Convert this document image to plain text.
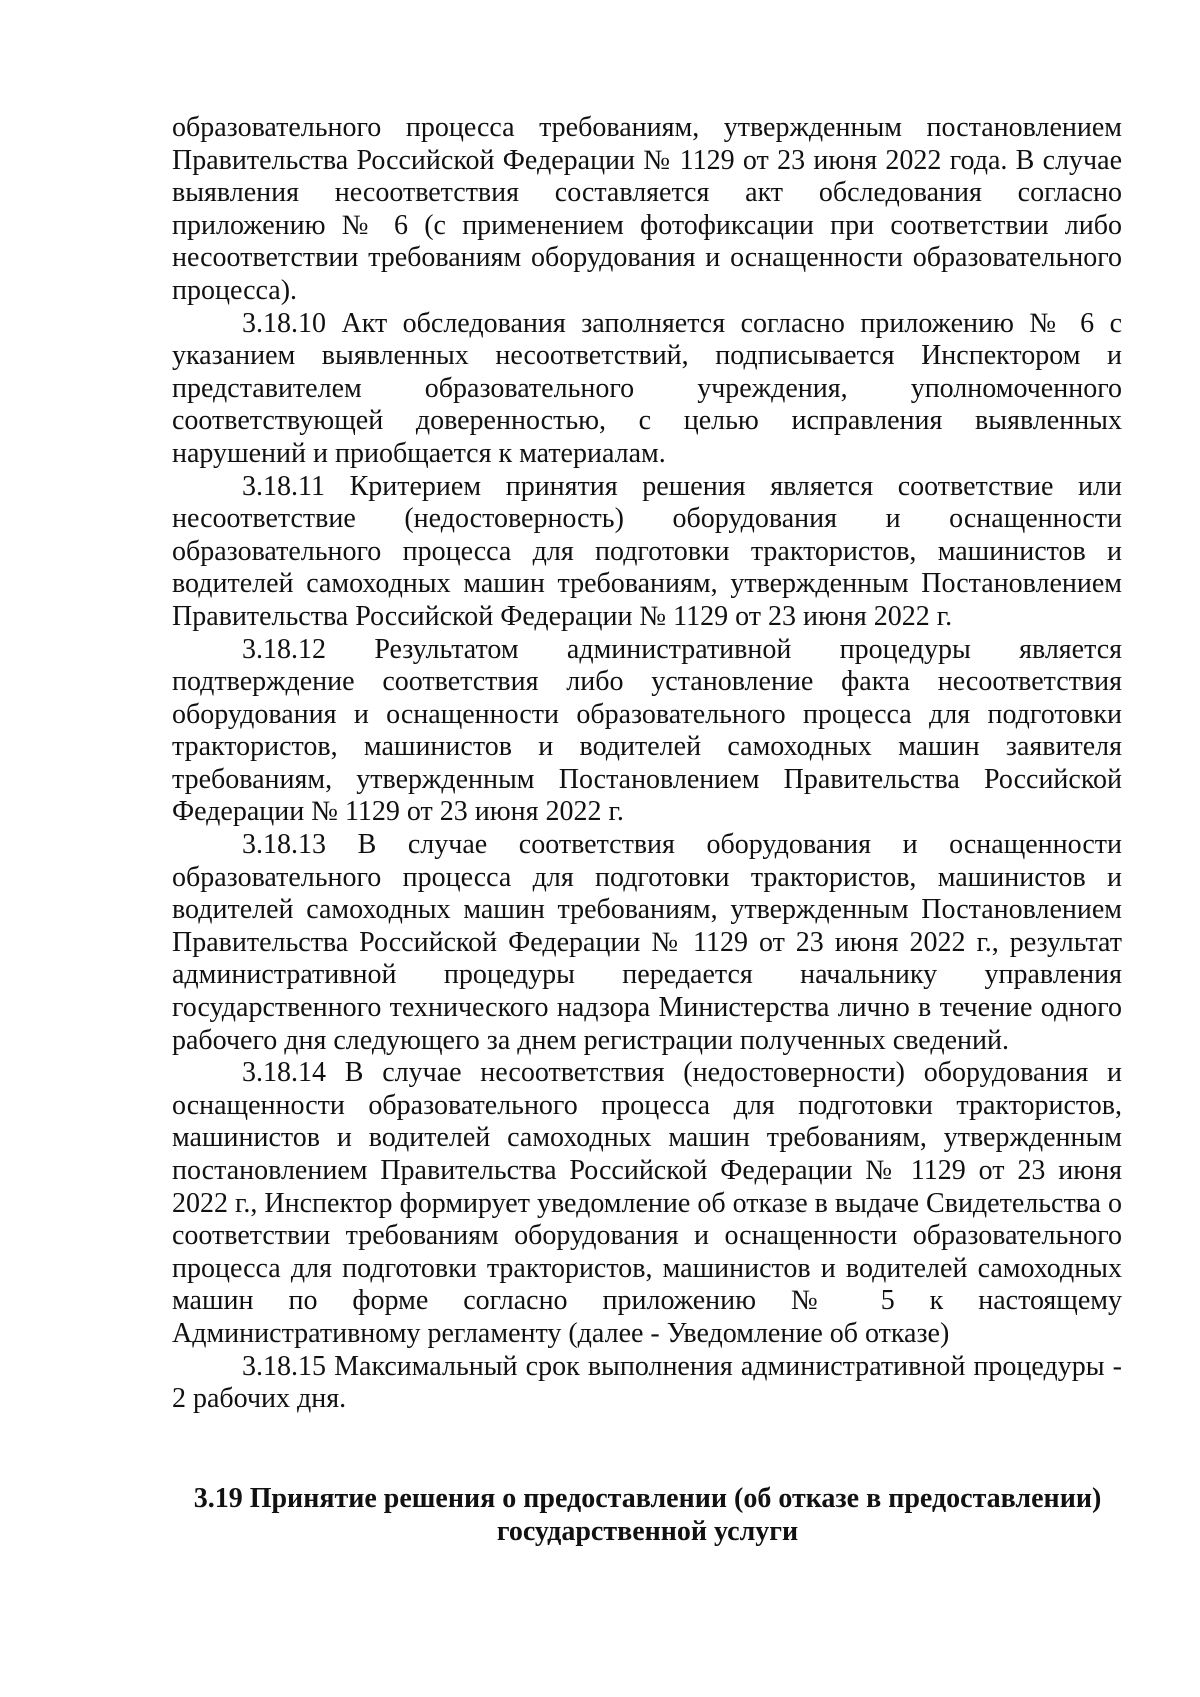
образовательного процесса требованиям, утвержденным постановлением Правительства Российской Федерации № 1129 от 23 июня 2022 года. В случае выявления несоответствия составляется акт обследования согласно приложению № 6 (с применением фотофиксации при соответствии либо несоответствии требованиям оборудования и оснащенности образовательного процесса).

3.18.10 Акт обследования заполняется согласно приложению № 6 с указанием выявленных несоответствий, подписывается Инспектором и представителем образовательного учреждения, уполномоченного соответствующей доверенностью, с целью исправления выявленных нарушений и приобщается к материалам.

3.18.11 Критерием принятия решения является соответствие или несоответствие (недостоверность) оборудования и оснащенности образовательного процесса для подготовки трактористов, машинистов и водителей самоходных машин требованиям, утвержденным Постановлением Правительства Российской Федерации № 1129 от 23 июня 2022 г.

3.18.12 Результатом административной процедуры является подтверждение соответствия либо установление факта несоответствия оборудования и оснащенности образовательного процесса для подготовки трактористов, машинистов и водителей самоходных машин заявителя требованиям, утвержденным Постановлением Правительства Российской Федерации № 1129 от 23 июня 2022 г.

3.18.13 В случае соответствия оборудования и оснащенности образовательного процесса для подготовки трактористов, машинистов и водителей самоходных машин требованиям, утвержденным Постановлением Правительства Российской Федерации № 1129 от 23 июня 2022 г., результат административной процедуры передается начальнику управления государственного технического надзора Министерства лично в течение одного рабочего дня следующего за днем регистрации полученных сведений.

3.18.14 В случае несоответствия (недостоверности) оборудования и оснащенности образовательного процесса для подготовки трактористов, машинистов и водителей самоходных машин требованиям, утвержденным постановлением Правительства Российской Федерации № 1129 от 23 июня 2022 г., Инспектор формирует уведомление об отказе в выдаче Свидетельства о соответствии требованиям оборудования и оснащенности образовательного процесса для подготовки трактористов, машинистов и водителей самоходных машин по форме согласно приложению № 5 к настоящему Административному регламенту (далее - Уведомление об отказе)

3.18.15 Максимальный срок выполнения административной процедуры - 2 рабочих дня.

3.19 Принятие решения о предоставлении (об отказе в предоставлении) государственной услуги
